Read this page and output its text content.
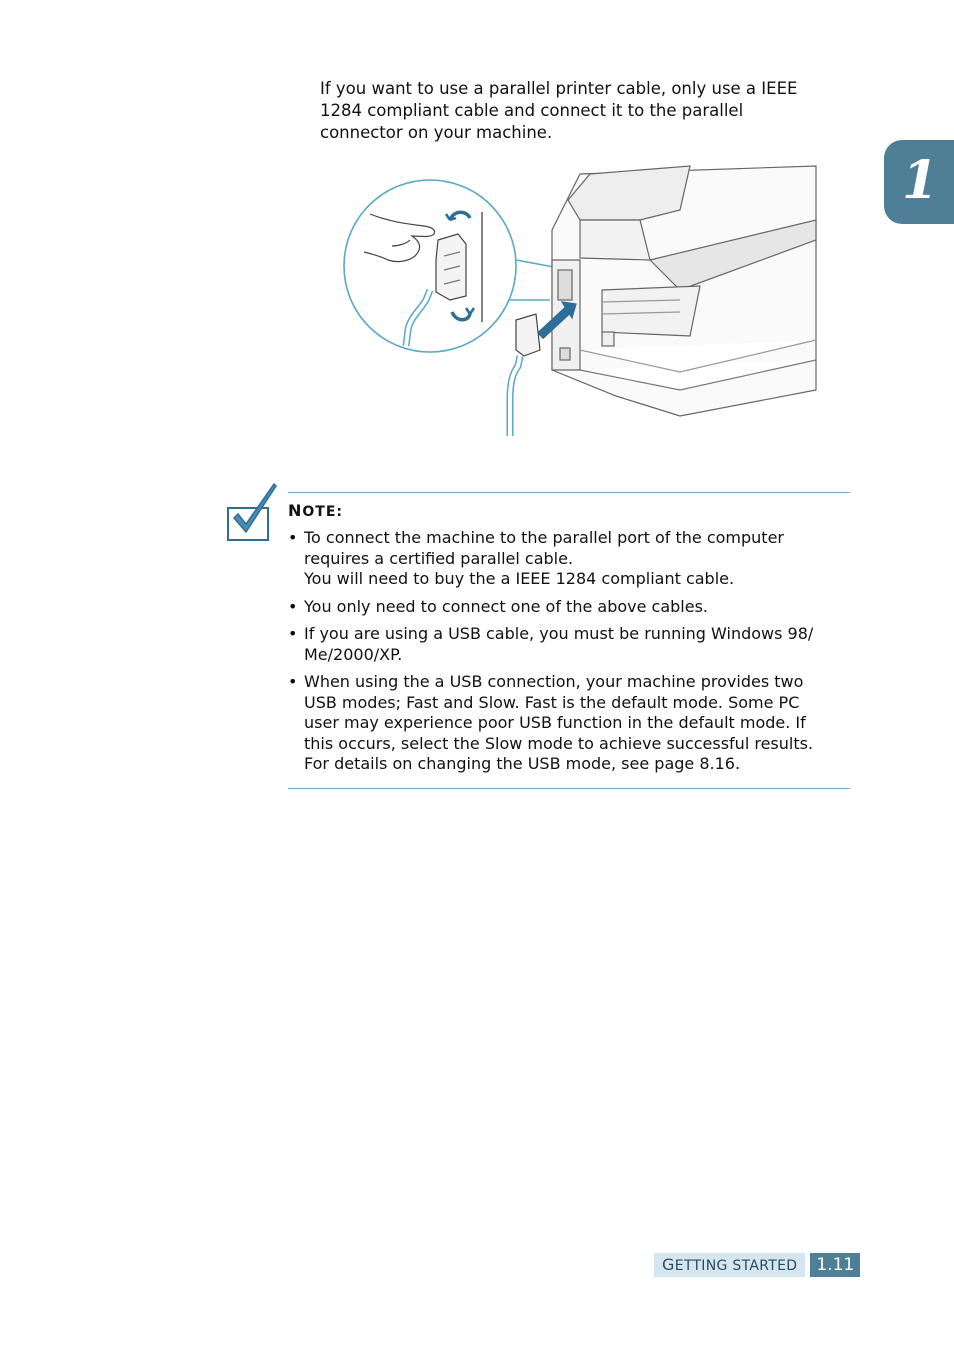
If you want to use a parallel printer cable, only use a IEEE
1284 compliant cable and connect it to the parallel
connector on your machine.

1
NOTE:
• To connect the machine to the parallel port of the computer
requires a certified parallel cable.
You will need to buy the a IEEE 1284 compliant cable.
• You only need to connect one of the above cables.
• If you are using a USB cable, you must be running Windows 98/
Me/2000/XP.
• When using the a USB connection, your machine provides two
USB modes; Fast and Slow. Fast is the default mode. Some PC
user may experience poor USB function in the default mode. If
this occurs, select the Slow mode to achieve successful results.
For details on changing the USB mode, see page 8.16.
GETTING STARTED	1.11
